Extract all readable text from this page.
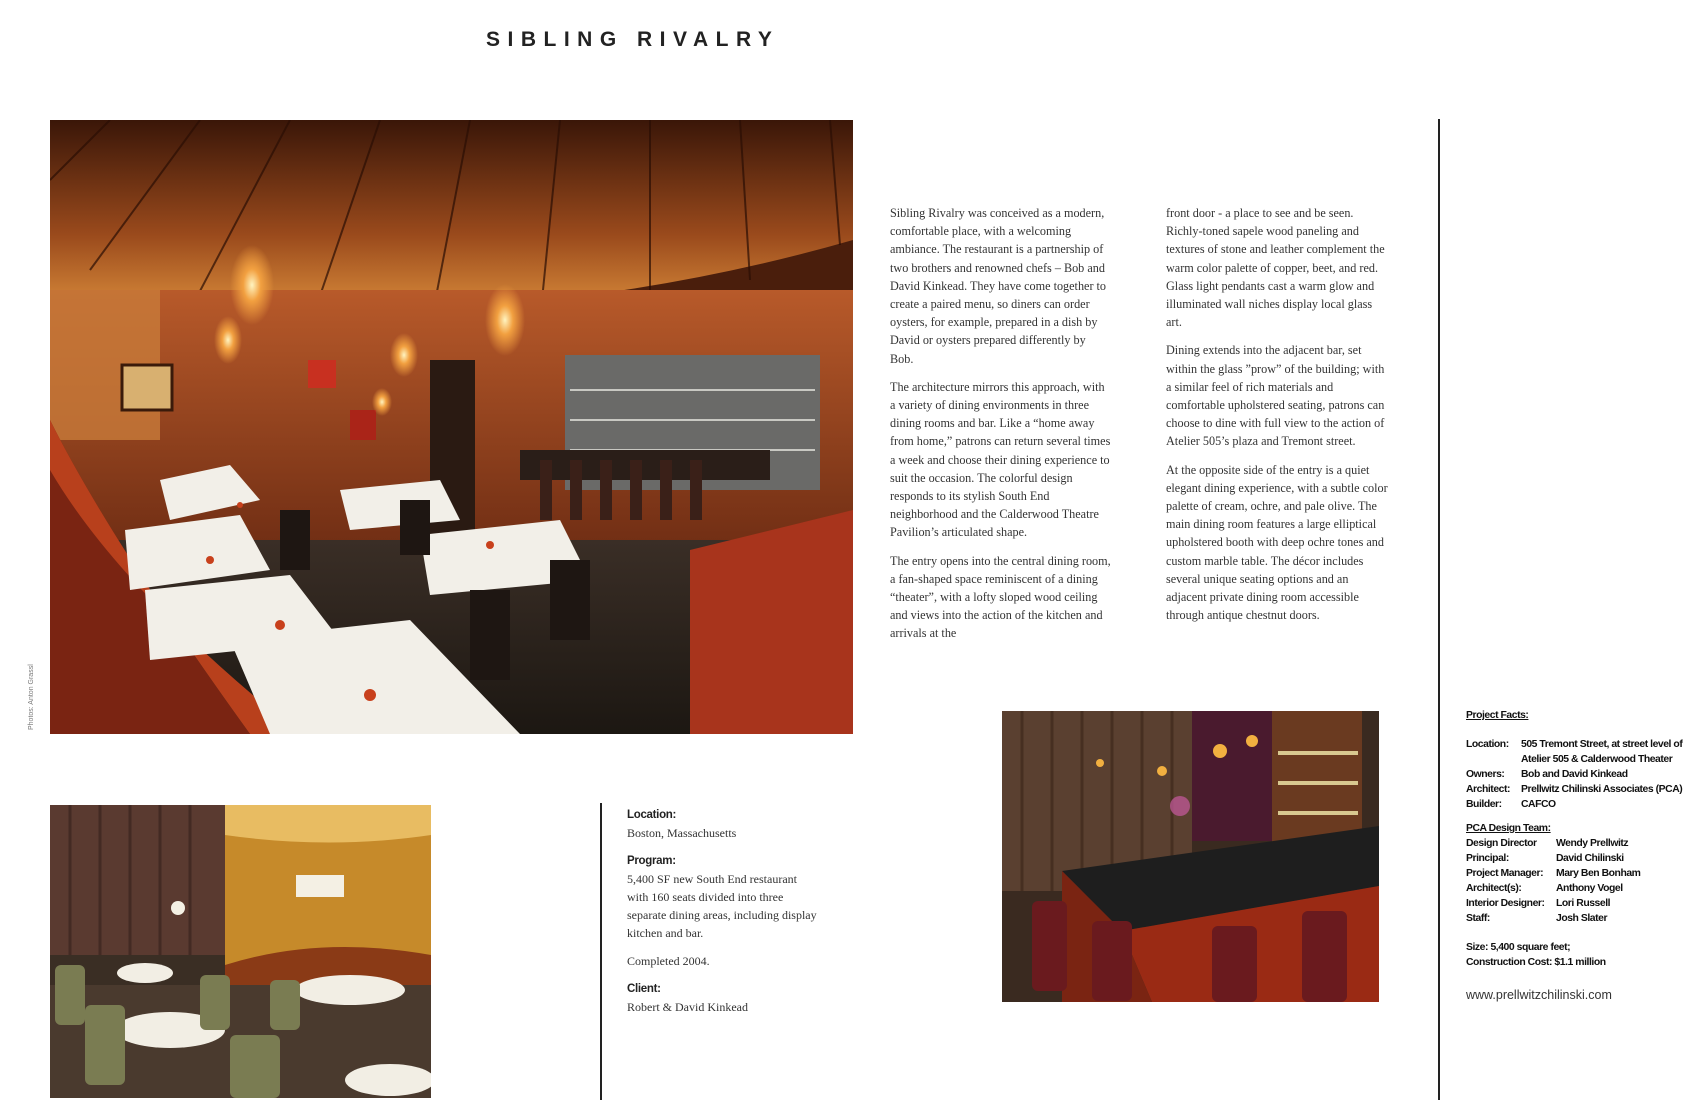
SIBLING RIVALRY
Photos: Anton Grassl

Sibling Rivalry was conceived as a modern, comfortable place, with a welcoming ambiance. The restaurant is a partnership of two brothers and renowned chefs – Bob and David Kinkead. They have come together to create a paired menu, so diners can order oysters, for example, prepared in a dish by David or oysters prepared differently by Bob.

The architecture mirrors this approach, with a variety of dining environments in three dining rooms and bar. Like a “home away from home,” patrons can return several times a week and choose their dining experience to suit the occasion. The colorful design responds to its stylish South End neighborhood and the Calderwood Theatre Pavilion’s articulated shape.

The entry opens into the central dining room, a fan-shaped space reminiscent of a dining “theater”, with a lofty sloped wood ceiling and views into the action of the kitchen and arrivals at the

front door - a place to see and be seen. Richly-toned sapele wood paneling and textures of stone and leather complement the warm color palette of copper, beet, and red. Glass light pendants cast a warm glow and illuminated wall niches display local glass art.

Dining extends into the adjacent bar, set within the glass ”prow” of the building; with a similar feel of rich materials and comfortable upholstered seating, patrons can choose to dine with full view to the action of Atelier 505’s plaza and Tremont street.

At the opposite side of the entry is a quiet elegant dining experience, with a subtle color palette of cream, ochre, and pale olive. The main dining room features a large elliptical upholstered booth with deep ochre tones and custom marble table. The décor includes several unique seating options and an adjacent private dining room accessible through antique chestnut doors.

Location:
Boston, Massachusetts
Program:
5,400 SF new South End restaurant with 160 seats divided into three separate dining areas, including display kitchen and bar.
Completed 2004.
Client:
Robert & David Kinkead
Project Facts:
Location:	505 Tremont Street, at street level of Atelier 505 & Calderwood Theater
Owners:	Bob and David Kinkead
Architect:	Prellwitz Chilinski Associates (PCA)
Builder:	CAFCO
PCA Design Team:
Design Director	Wendy Prellwitz
Principal:	David Chilinski
Project Manager:	Mary Ben Bonham
Architect(s):	Anthony Vogel
Interior Designer:	Lori Russell
Staff:	Josh Slater
Size: 5,400 square feet;
Construction Cost: $1.1 million
www.prellwitzchilinski.com
